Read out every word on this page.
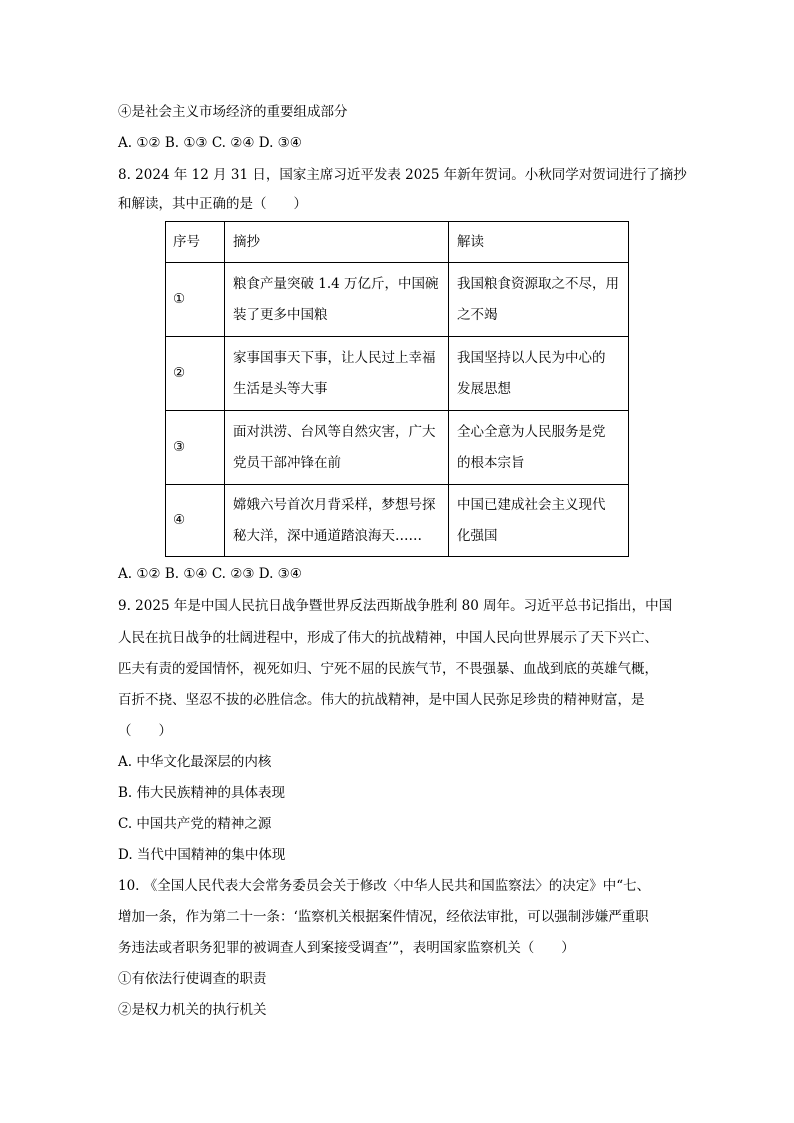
④是社会主义市场经济的重要组成部分
A. ①② B. ①③ C. ②④ D. ③④
8. 2024 年 12 月 31 日，国家主席习近平发表 2025 年新年贺词。小秋同学对贺词进行了摘抄
和解读，其中正确的是（　　）
序号	摘抄	解读
①	粮食产量突破 1.4 万亿斤，中国碗
装了更多中国粮	我国粮食资源取之不尽，用
之不竭

②	家事国事天下事，让人民过上幸福
生活是头等大事	我国坚持以人民为中心的
发展思想

③	面对洪涝、台风等自然灾害，广大
党员干部冲锋在前	全心全意为人民服务是党
的根本宗旨

④	嫦娥六号首次月背采样，梦想号探
秘大洋，深中通道踏浪海天……	中国已建成社会主义现代
化强国
A. ①② B. ①④ C. ②③ D. ③④
9. 2025 年是中国人民抗日战争暨世界反法西斯战争胜利 80 周年。习近平总书记指出，中国
人民在抗日战争的壮阔进程中，形成了伟大的抗战精神，中国人民向世界展示了天下兴亡、
匹夫有责的爱国情怀，视死如归、宁死不屈的民族气节，不畏强暴、血战到底的英雄气概，
百折不挠、坚忍不拔的必胜信念。伟大的抗战精神，是中国人民弥足珍贵的精神财富，是
（　　）
A. 中华文化最深层的内核
B. 伟大民族精神的具体表现
C. 中国共产党的精神之源
D. 当代中国精神的集中体现
10. 《全国人民代表大会常务委员会关于修改〈中华人民共和国监察法〉的决定》中“七、
增加一条，作为第二十一条：‘监察机关根据案件情况，经依法审批，可以强制涉嫌严重职
务违法或者职务犯罪的被调查人到案接受调查’”，表明国家监察机关（　　）
①有依法行使调查的职责
②是权力机关的执行机关
